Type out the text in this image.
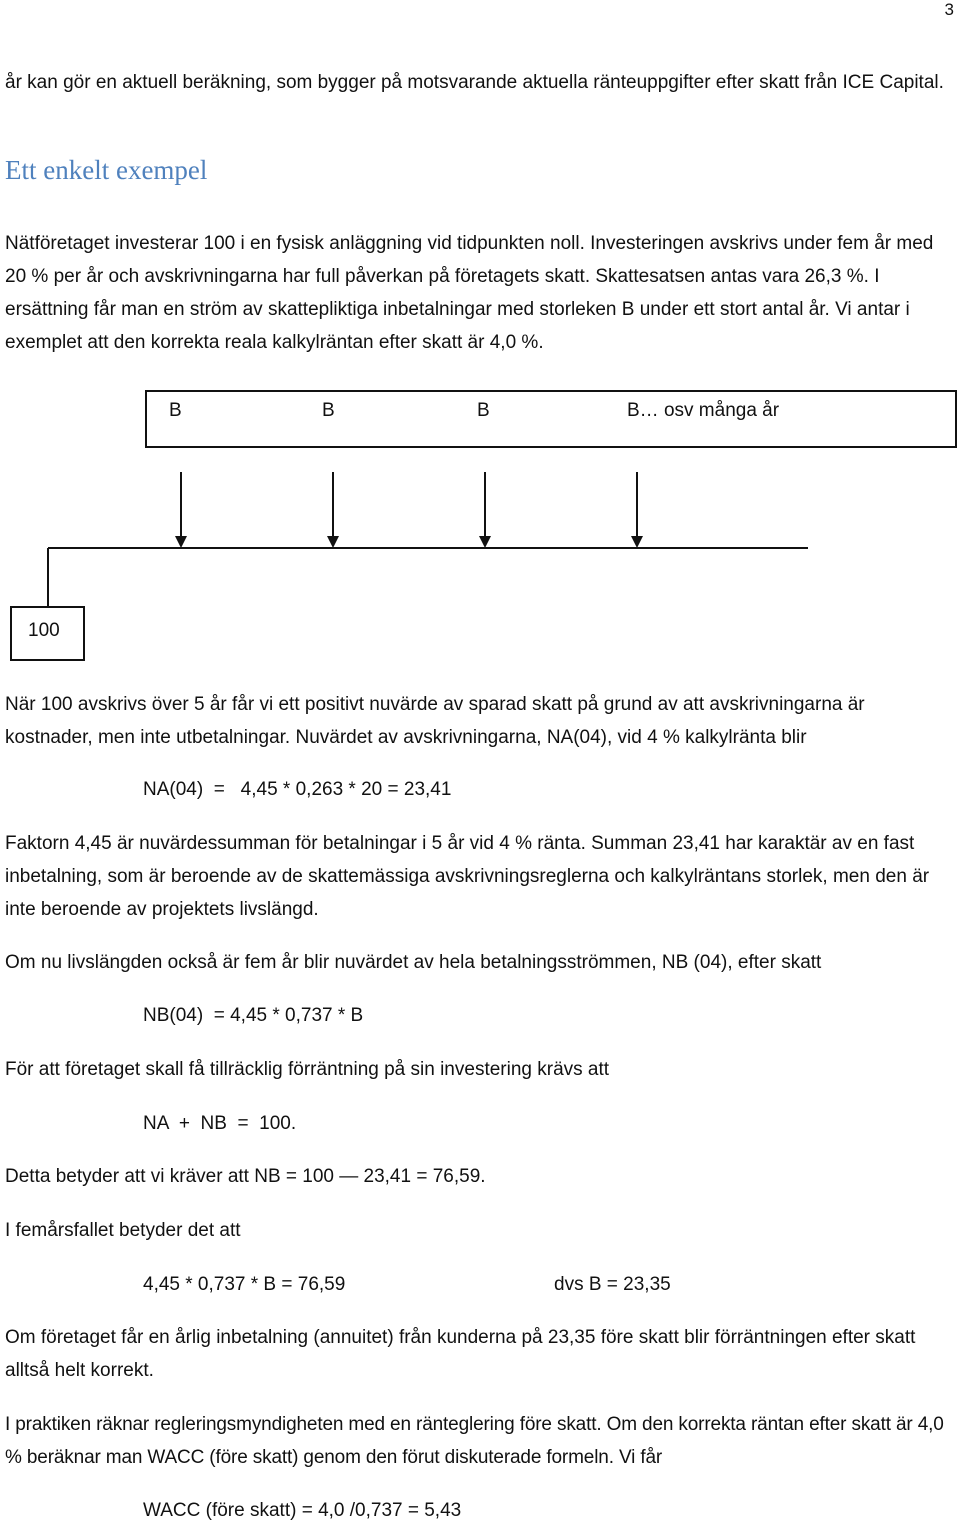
3

år kan gör en aktuell beräkning, som bygger på motsvarande aktuella ränteuppgifter efter skatt från ICE Capital.

Ett enkelt exempel

Nätföretaget investerar 100 i en fysisk anläggning vid tidpunkten noll. Investeringen avskrivs under fem år med 20 % per år och avskrivningarna har full påverkan på företagets skatt. Skattesatsen antas vara 26,3 %. I ersättning får man en ström av skattepliktiga inbetalningar med storleken B under ett stort antal år. Vi antar i exemplet att den korrekta reala kalkylräntan efter skatt är 4,0 %.

B	B	B	B… osv många år
100

När 100 avskrivs över 5 år får vi ett positivt nuvärde av sparad skatt på grund av att avskrivningarna är kostnader, men inte utbetalningar. Nuvärdet av avskrivningarna, NA(04), vid 4 % kalkylränta blir

NA(04)  =   4,45 * 0,263 * 20 = 23,41

Faktorn 4,45 är nuvärdessumman för betalningar i 5 år vid 4 % ränta. Summan 23,41 har karaktär av en fast inbetalning, som är beroende av de skattemässiga avskrivningsreglerna och kalkylräntans storlek, men den är inte beroende av projektets livslängd.

Om nu livslängden också är fem år blir nuvärdet av hela betalningsströmmen, NB (04), efter skatt

NB(04)  = 4,45 * 0,737 * B

För att företaget skall få tillräcklig förräntning på sin investering krävs att

NA  +  NB  =  100.

Detta betyder att vi kräver att NB = 100 — 23,41 = 76,59.

I femårsfallet betyder det att

4,45 * 0,737 * B = 76,59	dvs B = 23,35

Om företaget får en årlig inbetalning (annuitet) från kunderna på 23,35 före skatt blir förräntningen efter skatt alltså helt korrekt.

I praktiken räknar regleringsmyndigheten med en ränteglering före skatt. Om den korrekta räntan efter skatt är 4,0 % beräknar man WACC (före skatt) genom den förut diskuterade formeln. Vi får

WACC (före skatt) = 4,0 /0,737 = 5,43
